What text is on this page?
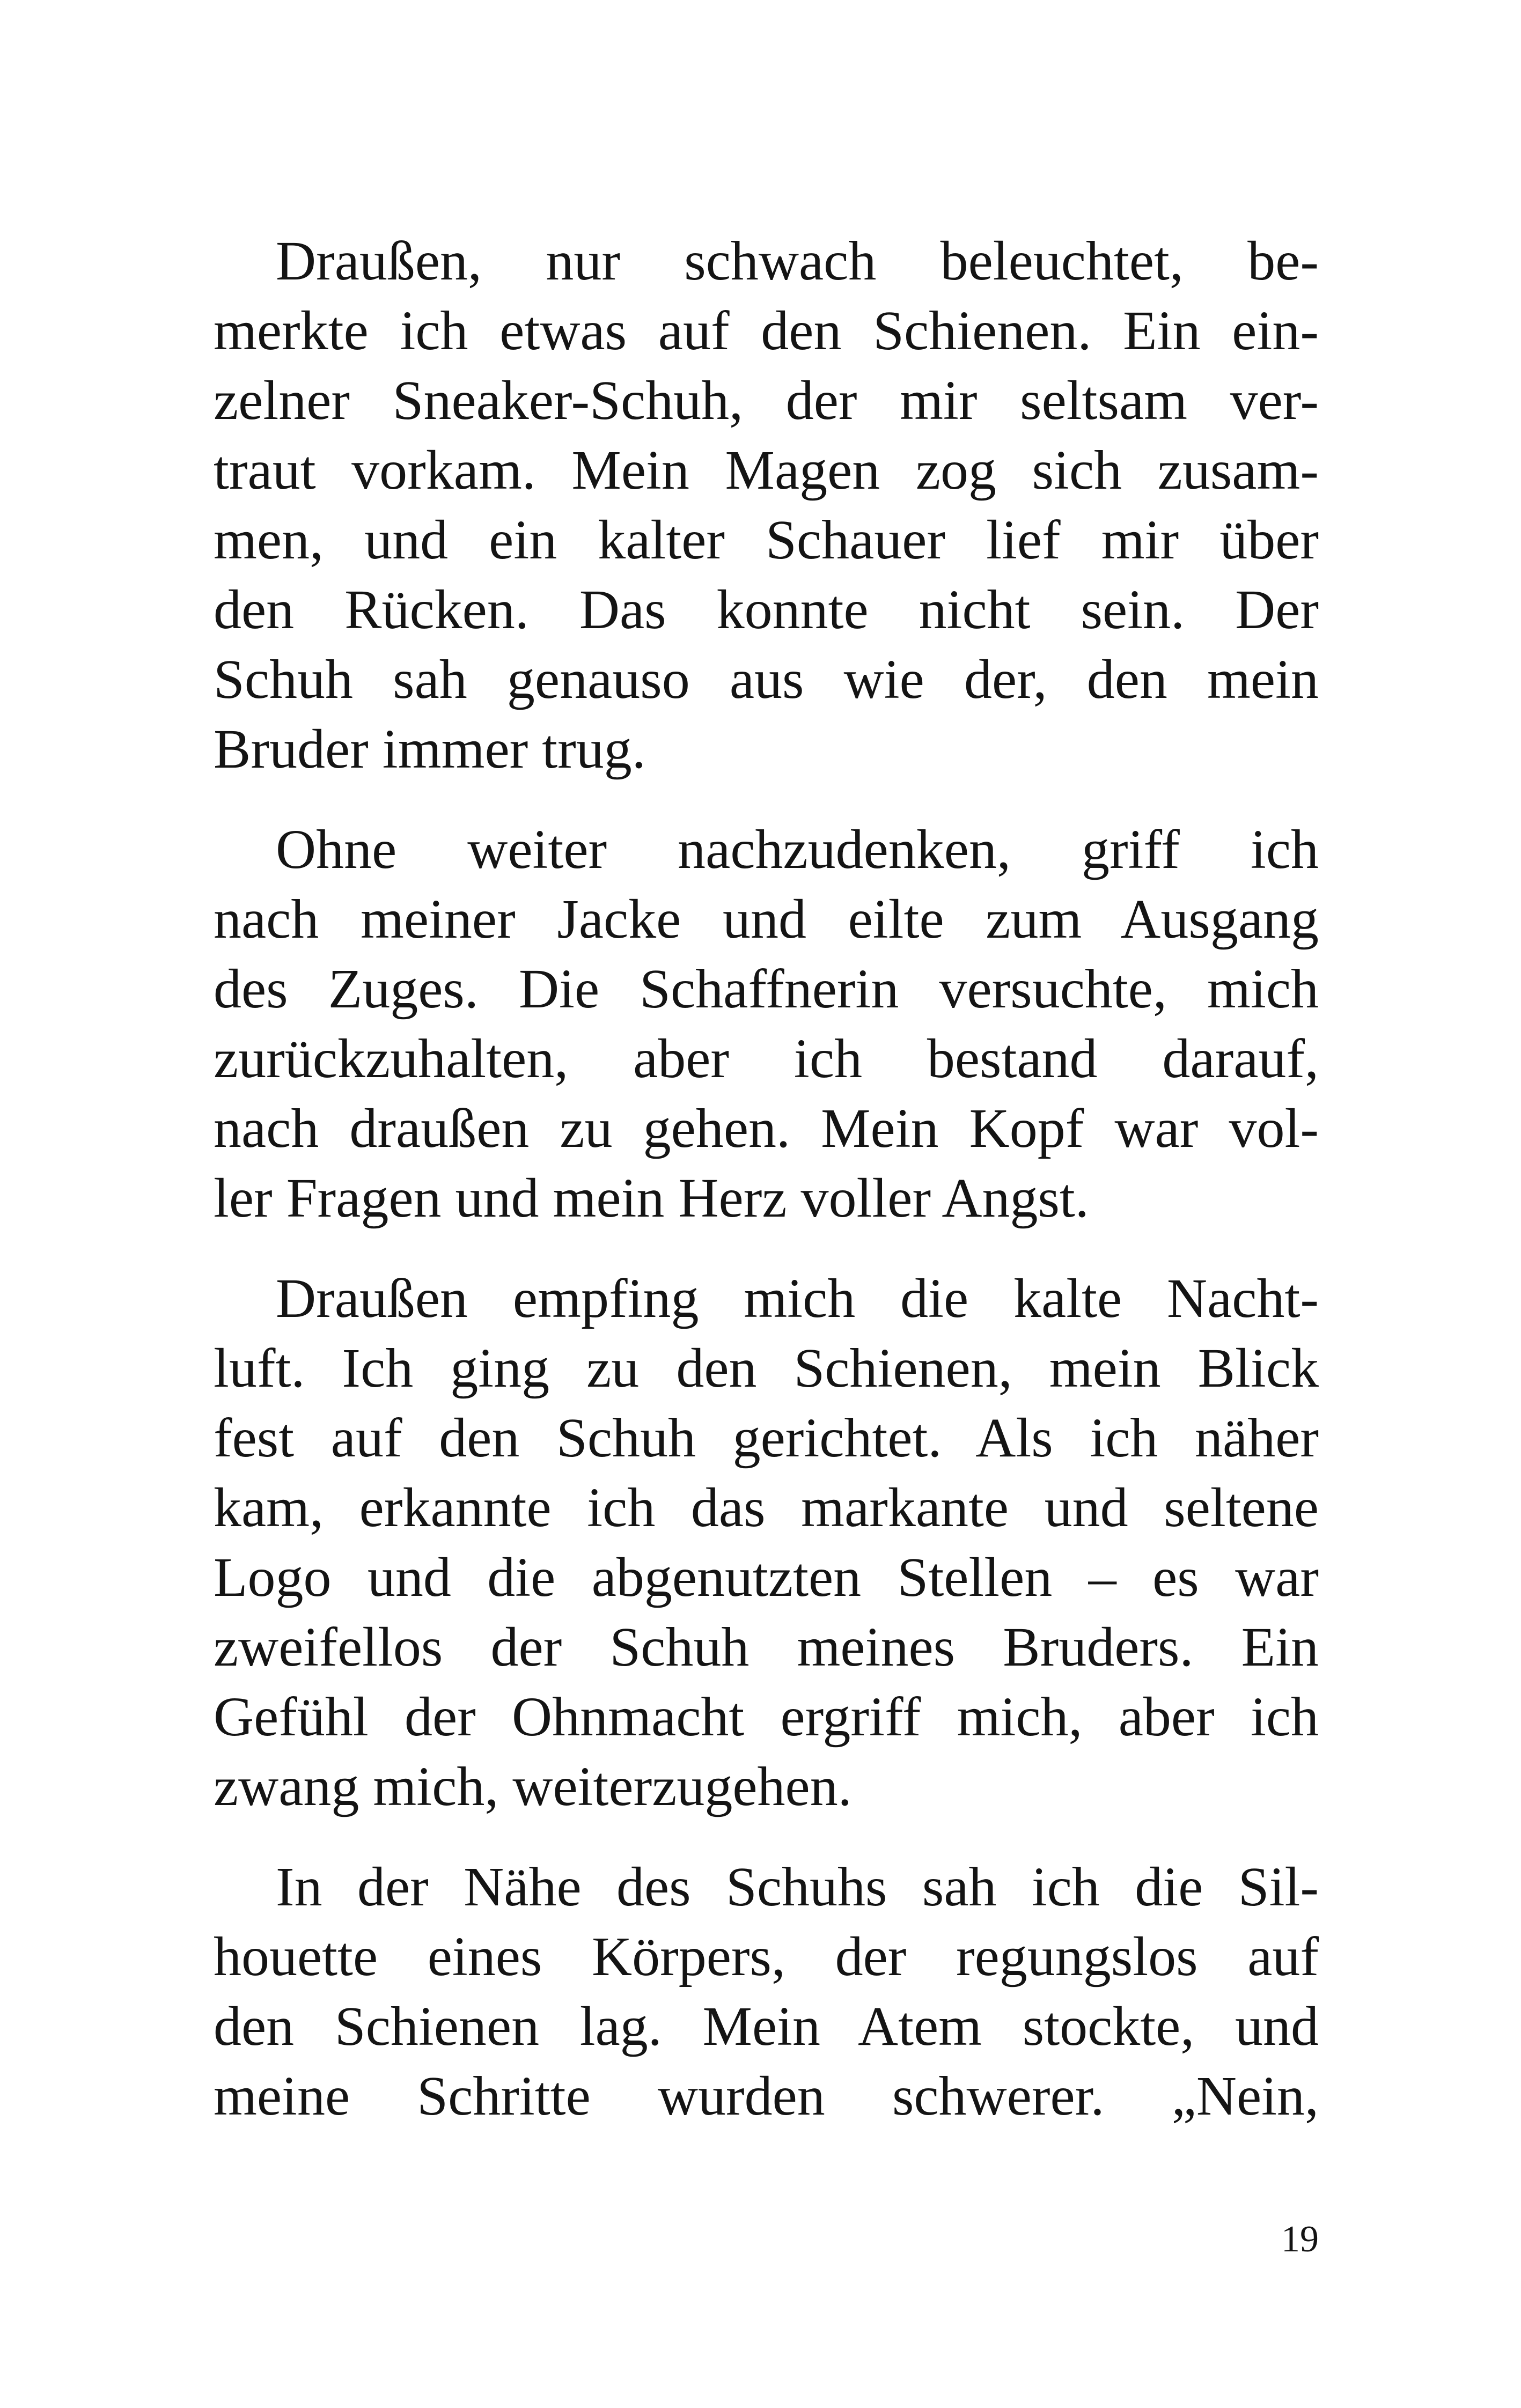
Draußen, nur schwach beleuchtet, be-
merkte ich etwas auf den Schienen. Ein ein-
zelner Sneaker-Schuh, der mir seltsam ver-
traut vorkam. Mein Magen zog sich zusam-
men, und ein kalter Schauer lief mir über
den Rücken. Das konnte nicht sein. Der
Schuh sah genauso aus wie der, den mein
Bruder immer trug.

Ohne weiter nachzudenken, griff ich
nach meiner Jacke und eilte zum Ausgang
des Zuges. Die Schaffnerin versuchte, mich
zurückzuhalten, aber ich bestand darauf,
nach draußen zu gehen. Mein Kopf war vol-
ler Fragen und mein Herz voller Angst.

Draußen empfing mich die kalte Nacht-
luft. Ich ging zu den Schienen, mein Blick
fest auf den Schuh gerichtet. Als ich näher
kam, erkannte ich das markante und seltene
Logo und die abgenutzten Stellen – es war
zweifellos der Schuh meines Bruders. Ein
Gefühl der Ohnmacht ergriff mich, aber ich
zwang mich, weiterzugehen.

In der Nähe des Schuhs sah ich die Sil-
houette eines Körpers, der regungslos auf
den Schienen lag. Mein Atem stockte, und
meine Schritte wurden schwerer. „Nein,

19
